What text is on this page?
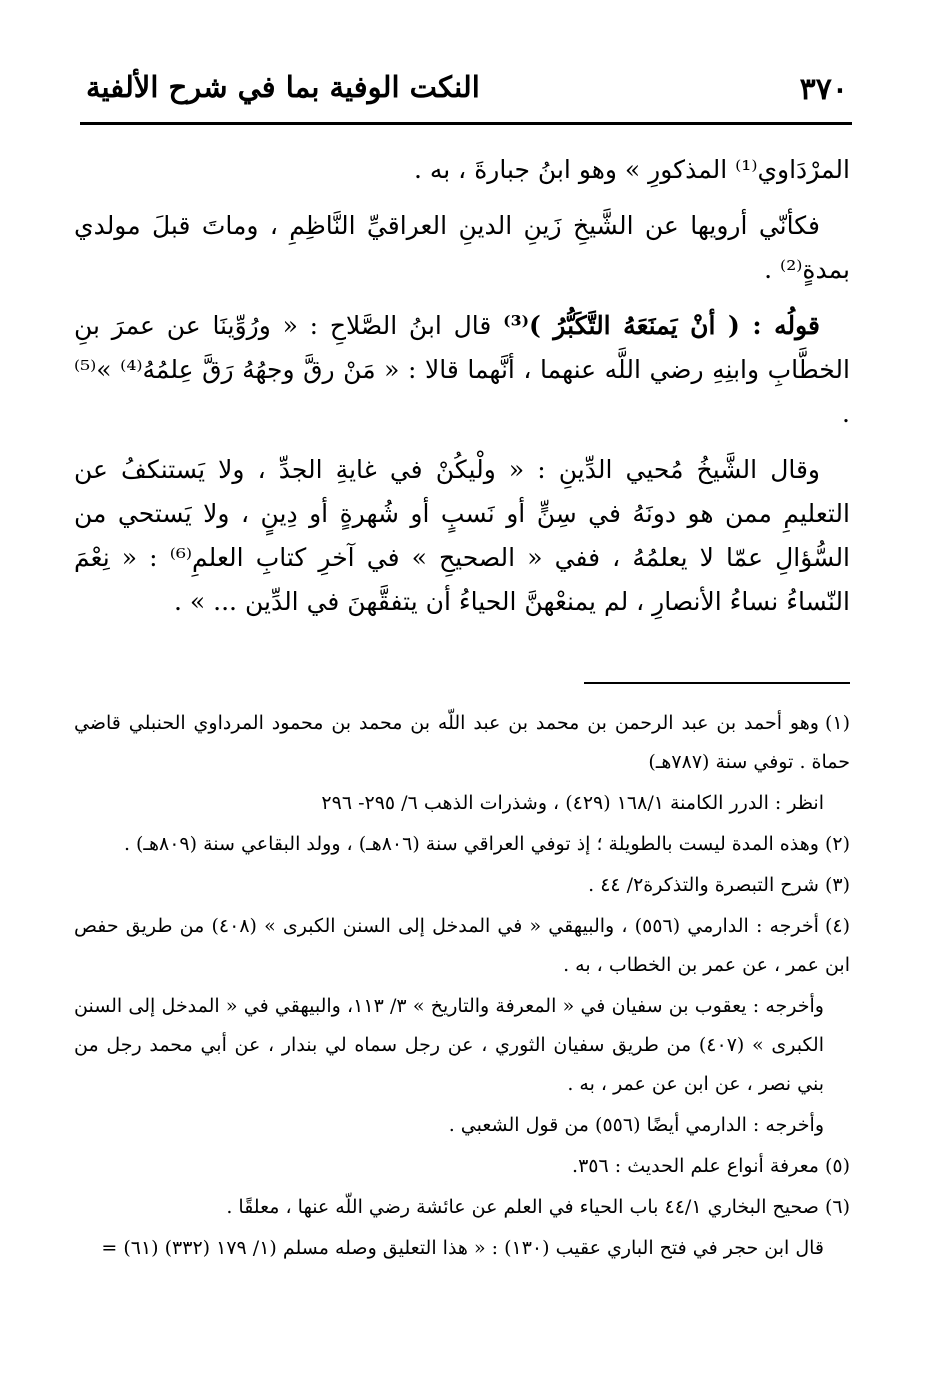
٣٧٠
النكت الوفية بما في شرح الألفية

المرْدَاوي⁽¹⁾ المذكورِ » وهو ابنُ جبارةَ ، به .

فكأنّي أرويها عن الشَّيخِ زَينِ الدينِ العراقيِّ النَّاظِمِ ، وماتَ قبلَ مولدي بمدةٍ⁽²⁾ .

قولُه : ( أنْ يَمنَعَهُ التَّكَبُّرُ )⁽³⁾ قال ابنُ الصَّلاحِ : « ورُوِّينَا عن عمرَ بنِ الخطَّابِ وابنِهِ رضي اللَّه عنهما ، أنَّهما قالا : « مَنْ رقَّ وجهُهُ رَقَّ عِلمُهُ⁽⁴⁾ »⁽⁵⁾ .

وقال الشَّيخُ مُحيي الدِّينِ : « ولْيكُنْ في غايةِ الجدِّ ، ولا يَستنكفُ عن التعليمِ ممن هو دونَهُ في سِنٍّ أو نَسبٍ أو شُهرةٍ أو دِينٍ ، ولا يَستحي من السُّؤالِ عمّا لا يعلمُهُ ، ففي « الصحيحِ » في آخرِ كتابِ العلمِ⁽⁶⁾ : « نِعْمَ النّساءُ نساءُ الأنصارِ ، لم يمنعْهنَّ الحياءُ أن يتفقَّهنَ في الدِّين ... » .

(١)وهو أحمد بن عبد الرحمن بن محمد بن عبد اللّه بن محمد بن محمود المرداوي الحنبلي قاضي حماة . توفي سنة (٧٨٧هـ)
انظر : الدرر الكامنة ١٦٨/١ (٤٢٩) ، وشذرات الذهب ٦/ ٢٩٥- ٢٩٦
(٢)وهذه المدة ليست بالطويلة ؛ إذ توفي العراقي سنة (٨٠٦هـ) ، وولد البقاعي سنة (٨٠٩هـ) .
(٣)شرح التبصرة والتذكرة٢/ ٤٤ .
(٤)أخرجه : الدارمي (٥٥٦) ، والبيهقي « في المدخل إلى السنن الكبرى » (٤٠٨) من طريق حفص ابن عمر ، عن عمر بن الخطاب ، به .
وأخرجه : يعقوب بن سفيان في « المعرفة والتاريخ » ٣/ ١١٣، والبيهقي في « المدخل إلى السنن الكبرى » (٤٠٧) من طريق سفيان الثوري ، عن رجل سماه لي بندار ، عن أبي محمد رجل من بني نصر ، عن ابن عن عمر ، به .
وأخرجه : الدارمي أيضًا (٥٥٦) من قول الشعبي .
(٥)معرفة أنواع علم الحديث : ٣٥٦.
(٦)صحيح البخاري ٤٤/١ باب الحياء في العلم عن عائشة رضي اللّه عنها ، معلقًا .
قال ابن حجر في فتح الباري عقيب (١٣٠) : « هذا التعليق وصله مسلم (١/ ١٧٩ (٣٣٢) (٦١) =
